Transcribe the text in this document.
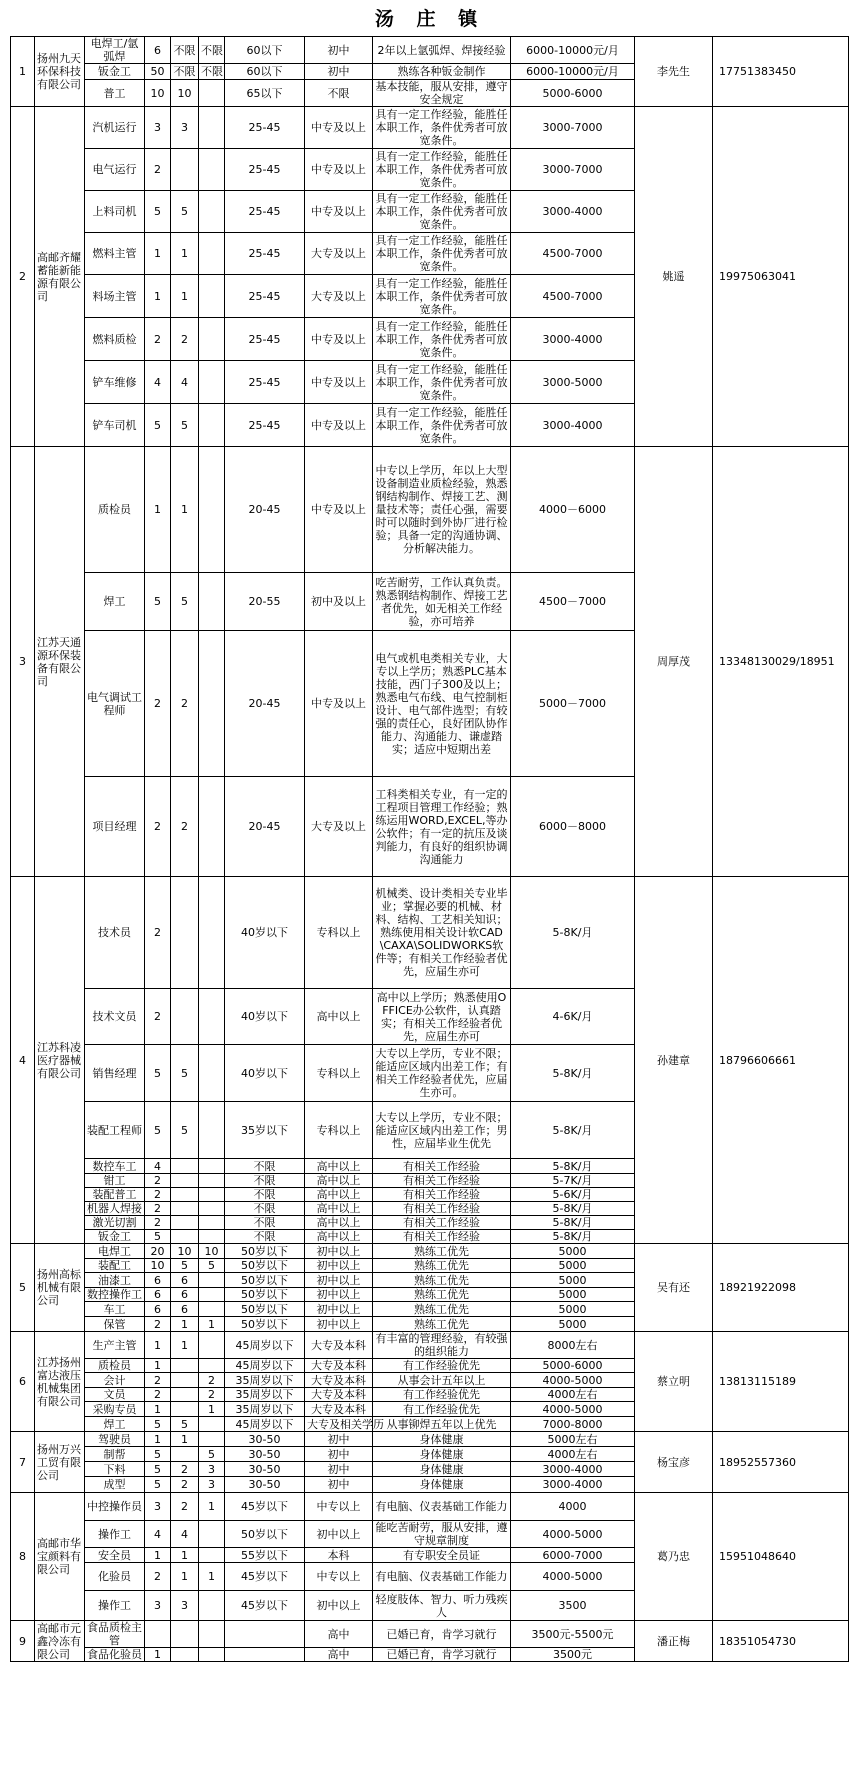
汤 庄 镇
1	扬州九天环保科技有限公司	电焊工/氩弧焊	6	不限	不限	60以下	初中	2年以上氩弧焊、焊接经验	6000-10000元/月	李先生	17751383450
		钣金工	50	不限	不限	60以下	初中	熟练各种钣金制作	6000-10000元/月		
		普工	10	10		65以下	不限	基本技能，服从安排，遵守安全规定	5000-6000		
2	高邮齐耀蓄能新能源有限公司	汽机运行	3	3		25-45	中专及以上	具有一定工作经验，能胜任本职工作，条件优秀者可放宽条件。	3000-7000	姚遥	19975063041
		电气运行	2			25-45	中专及以上	具有一定工作经验，能胜任本职工作，条件优秀者可放宽条件。	3000-7000		
		上料司机	5	5		25-45	中专及以上	具有一定工作经验，能胜任本职工作，条件优秀者可放宽条件。	3000-4000		
		燃料主管	1	1		25-45	大专及以上	具有一定工作经验，能胜任本职工作，条件优秀者可放宽条件。	4500-7000		
		料场主管	1	1		25-45	大专及以上	具有一定工作经验，能胜任本职工作，条件优秀者可放宽条件。	4500-7000		
		燃料质检	2	2		25-45	中专及以上	具有一定工作经验，能胜任本职工作，条件优秀者可放宽条件。	3000-4000		
		铲车维修	4	4		25-45	中专及以上	具有一定工作经验，能胜任本职工作，条件优秀者可放宽条件。	3000-5000		
		铲车司机	5	5		25-45	中专及以上	具有一定工作经验，能胜任本职工作，条件优秀者可放宽条件。	3000-4000		
3	江苏天通源环保装备有限公司	质检员	1	1		20-45	中专及以上	中专以上学历，年以上大型设备制造业质检经验，熟悉钢结构制作、焊接工艺、测量技术等；责任心强，需要时可以随时到外协厂进行检验；具备一定的沟通协调、分析解决能力。	4000－6000	周厚茂	13348130029/18951
		焊工	5	5		20-55	初中及以上	吃苦耐劳，工作认真负责。熟悉钢结构制作、焊接工艺者优先，如无相关工作经验，亦可培养	4500－7000		
		电气调试工程师	2	2		20-45	中专及以上	电气或机电类相关专业，大专以上学历；熟悉PLC基本技能，西门子300及以上；熟悉电气布线、电气控制柜设计、电气部件选型；有较强的责任心，良好团队协作能力、沟通能力、谦虚踏实；适应中短期出差	5000－7000		
		项目经理	2	2		20-45	大专及以上	工科类相关专业，有一定的工程项目管理工作经验；熟练运用WORD,EXCEL,等办公软件；有一定的抗压及谈判能力，有良好的组织协调沟通能力	6000－8000		
4	江苏科凌医疗器械有限公司	技术员	2			40岁以下	专科以上	机械类、设计类相关专业毕业；掌握必要的机械、材料、结构、工艺相关知识；熟练使用相关设计软CAD\CAXA\SOLIDWORKS软件等；有相关工作经验者优先，应届生亦可	5-8K/月	孙建章	18796606661
		技术文员	2			40岁以下	高中以上	高中以上学历；熟悉使用OFFICE办公软件，认真踏实；有相关工作经验者优先，应届生亦可	4-6K/月		
		销售经理	5	5		40岁以下	专科以上	大专以上学历，专业不限；能适应区域内出差工作；有相关工作经验者优先，应届生亦可。	5-8K/月		
		装配工程师	5	5		35岁以下	专科以上	大专以上学历，专业不限；能适应区域内出差工作；男性，应届毕业生优先	5-8K/月		
		数控车工	4			不限	高中以上	有相关工作经验	5-8K/月		
		钳工	2			不限	高中以上	有相关工作经验	5-7K/月		
		装配普工	2			不限	高中以上	有相关工作经验	5-6K/月		
		机器人焊接	2			不限	高中以上	有相关工作经验	5-8K/月		
		激光切割	2			不限	高中以上	有相关工作经验	5-8K/月		
		钣金工	5			不限	高中以上	有相关工作经验	5-8K/月		
5	扬州高标机械有限公司	电焊工	20	10	10	50岁以下	初中以上	熟练工优先	5000	吴有还	18921922098
		装配工	10	5	5	50岁以下	初中以上	熟练工优先	5000		
		油漆工	6	6		50岁以下	初中以上	熟练工优先	5000		
		数控操作工	6	6		50岁以下	初中以上	熟练工优先	5000		
		车工	6	6		50岁以下	初中以上	熟练工优先	5000		
		保管	2	1	1	50岁以下	初中以上	熟练工优先	5000		
6	江苏扬州富达液压机械集团有限公司	生产主管	1	1		45周岁以下	大专及本科	有丰富的管理经验，有较强的组织能力	8000左右	蔡立明	13813115189
		质检员	1			45周岁以下	大专及本科	有工作经验优先	5000-6000		
		会计	2		2	35周岁以下	大专及本科	从事会计五年以上	4000-5000		
		文员	2		2	35周岁以下	大专及本科	有工作经验优先	4000左右		
		采购专员	1		1	35周岁以下	大专及本科	有工作经验优先	4000-5000		
		焊工	5	5		45周岁以下	大专及相关学历	从事铆焊五年以上优先	7000-8000		
7	扬州万兴工贸有限公司	驾驶员	1	1		30-50	初中	身体健康	5000左右	杨宝彦	18952557360
		制帮	5		5	30-50	初中	身体健康	4000左右		
		下料	5	2	3	30-50	初中	身体健康	3000-4000		
		成型	5	2	3	30-50	初中	身体健康	3000-4000		
8	高邮市华宝颜料有限公司	中控操作员	3	2	1	45岁以下	中专以上	有电脑、仪表基础工作能力	4000	葛乃忠	15951048640
		操作工	4	4		50岁以下	初中以上	能吃苦耐劳，服从安排，遵守规章制度	4000-5000		
		安全员	1	1		55岁以下	本科	有专职安全员证	6000-7000		
		化验员	2	1	1	45岁以下	中专以上	有电脑、仪表基础工作能力	4000-5000		
		操作工	3	3		45岁以下	初中以上	轻度肢体、智力、听力残疾人	3500		
9	高邮市元鑫冷冻有限公司	食品质检主管					高中	已婚已育，肯学习就行	3500元-5500元	潘正梅	18351054730
		食品化验员	1				高中	已婚已育，肯学习就行	3500元		
